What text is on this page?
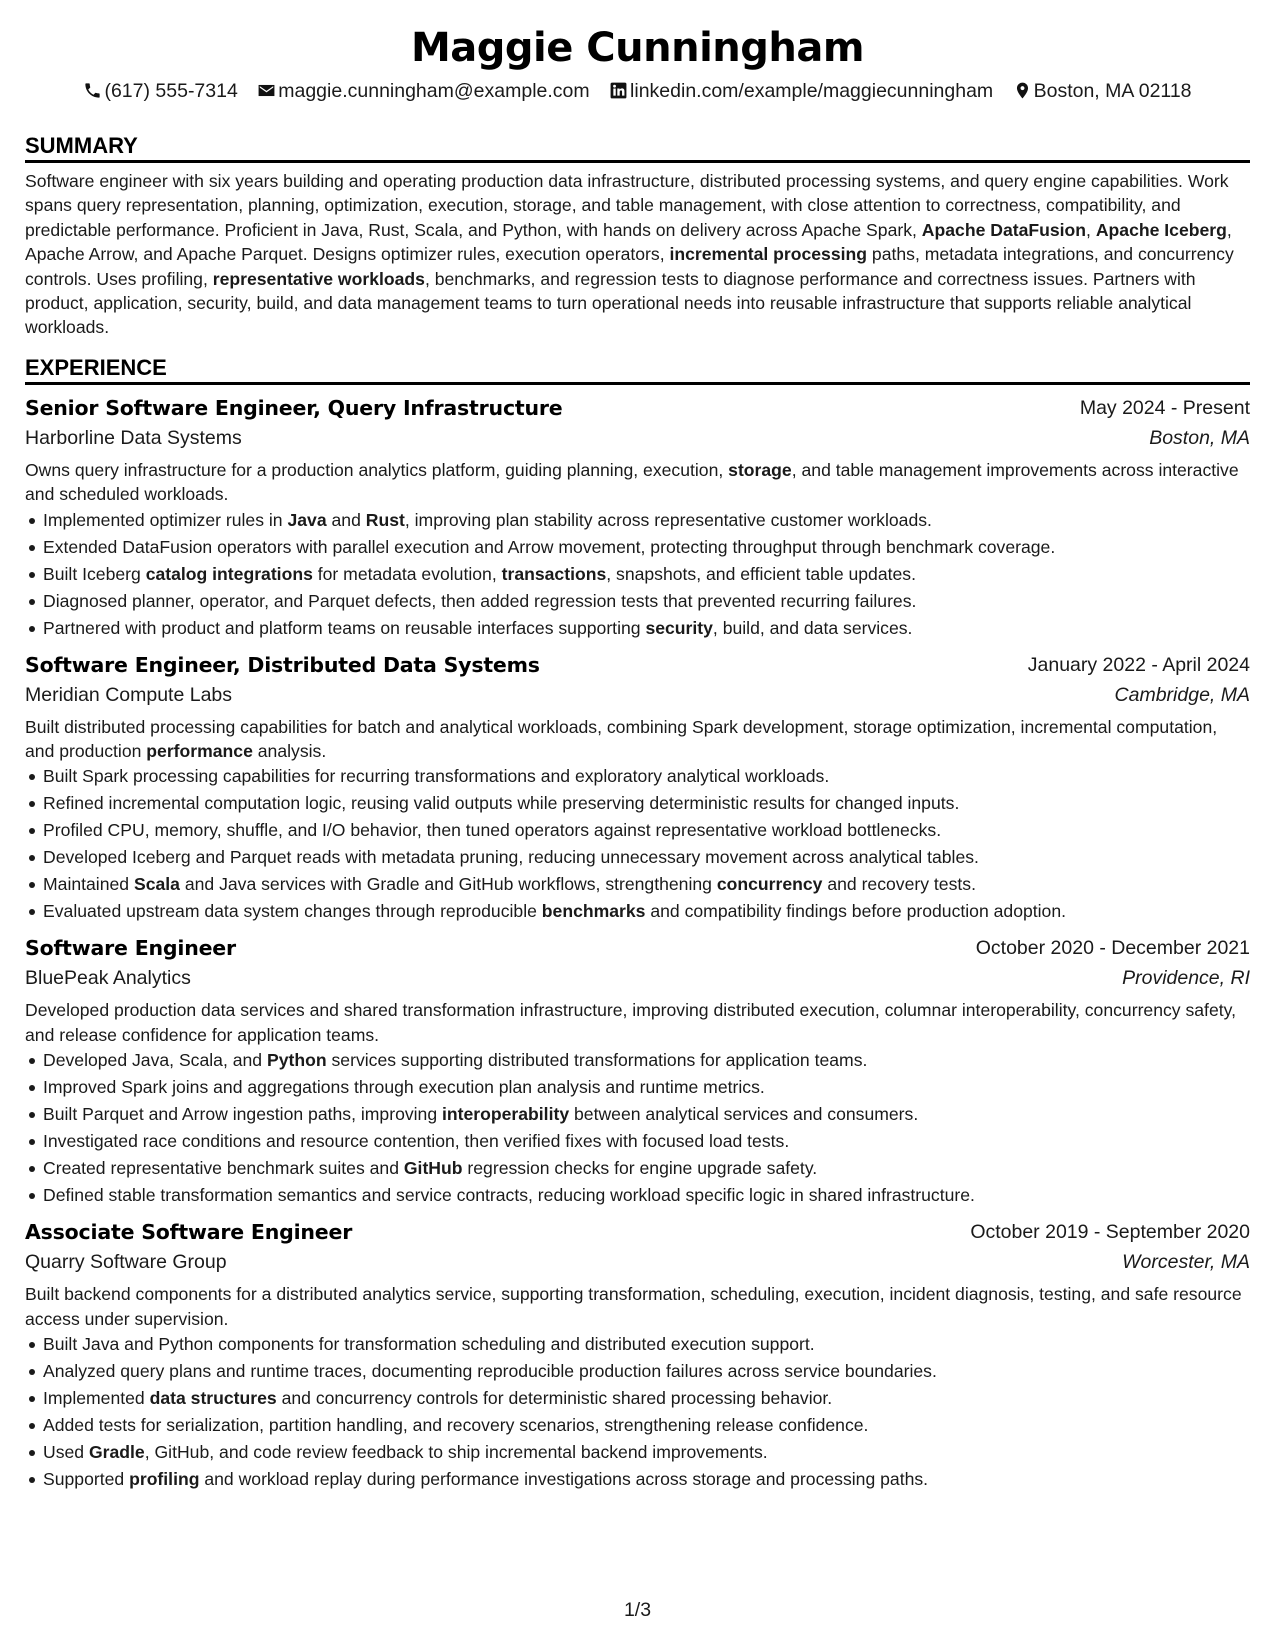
Maggie Cunningham
(617) 555-7314 maggie.cunningham@example.com linkedin.com/example/maggiecunningham Boston, MA 02118
SUMMARY

Software engineer with six years building and operating production data infrastructure, distributed processing systems, and query engine capabilities. Work spans query representation, planning, optimization, execution, storage, and table management, with close attention to correctness, compatibility, and predictable performance. Proficient in Java, Rust, Scala, and Python, with hands on delivery across Apache Spark, Apache DataFusion, Apache Iceberg, Apache Arrow, and Apache Parquet. Designs optimizer rules, execution operators, incremental processing paths, metadata integrations, and concurrency controls. Uses profiling, representative workloads, benchmarks, and regression tests to diagnose performance and correctness issues. Partners with product, application, security, build, and data management teams to turn operational needs into reusable infrastructure that supports reliable analytical workloads.

EXPERIENCE
Senior Software Engineer, Query Infrastructure	May 2024 - Present
Harborline Data Systems	Boston, MA

Owns query infrastructure for a production analytics platform, guiding planning, execution, storage, and table management improvements across interactive and scheduled workloads.

Implemented optimizer rules in Java and Rust, improving plan stability across representative customer workloads.
Extended DataFusion operators with parallel execution and Arrow movement, protecting throughput through benchmark coverage.
Built Iceberg catalog integrations for metadata evolution, transactions, snapshots, and efficient table updates.
Diagnosed planner, operator, and Parquet defects, then added regression tests that prevented recurring failures.
Partnered with product and platform teams on reusable interfaces supporting security, build, and data services.
Software Engineer, Distributed Data Systems	January 2022 - April 2024
Meridian Compute Labs	Cambridge, MA

Built distributed processing capabilities for batch and analytical workloads, combining Spark development, storage optimization, incremental computation, and production performance analysis.

Built Spark processing capabilities for recurring transformations and exploratory analytical workloads.
Refined incremental computation logic, reusing valid outputs while preserving deterministic results for changed inputs.
Profiled CPU, memory, shuffle, and I/O behavior, then tuned operators against representative workload bottlenecks.
Developed Iceberg and Parquet reads with metadata pruning, reducing unnecessary movement across analytical tables.
Maintained Scala and Java services with Gradle and GitHub workflows, strengthening concurrency and recovery tests.
Evaluated upstream data system changes through reproducible benchmarks and compatibility findings before production adoption.
Software Engineer	October 2020 - December 2021
BluePeak Analytics	Providence, RI

Developed production data services and shared transformation infrastructure, improving distributed execution, columnar interoperability, concurrency safety, and release confidence for application teams.

Developed Java, Scala, and Python services supporting distributed transformations for application teams.
Improved Spark joins and aggregations through execution plan analysis and runtime metrics.
Built Parquet and Arrow ingestion paths, improving interoperability between analytical services and consumers.
Investigated race conditions and resource contention, then verified fixes with focused load tests.
Created representative benchmark suites and GitHub regression checks for engine upgrade safety.
Defined stable transformation semantics and service contracts, reducing workload specific logic in shared infrastructure.
Associate Software Engineer	October 2019 - September 2020
Quarry Software Group	Worcester, MA

Built backend components for a distributed analytics service, supporting transformation, scheduling, execution, incident diagnosis, testing, and safe resource access under supervision.

Built Java and Python components for transformation scheduling and distributed execution support.
Analyzed query plans and runtime traces, documenting reproducible production failures across service boundaries.
Implemented data structures and concurrency controls for deterministic shared processing behavior.
Added tests for serialization, partition handling, and recovery scenarios, strengthening release confidence.
Used Gradle, GitHub, and code review feedback to ship incremental backend improvements.
Supported profiling and workload replay during performance investigations across storage and processing paths.
1/3
